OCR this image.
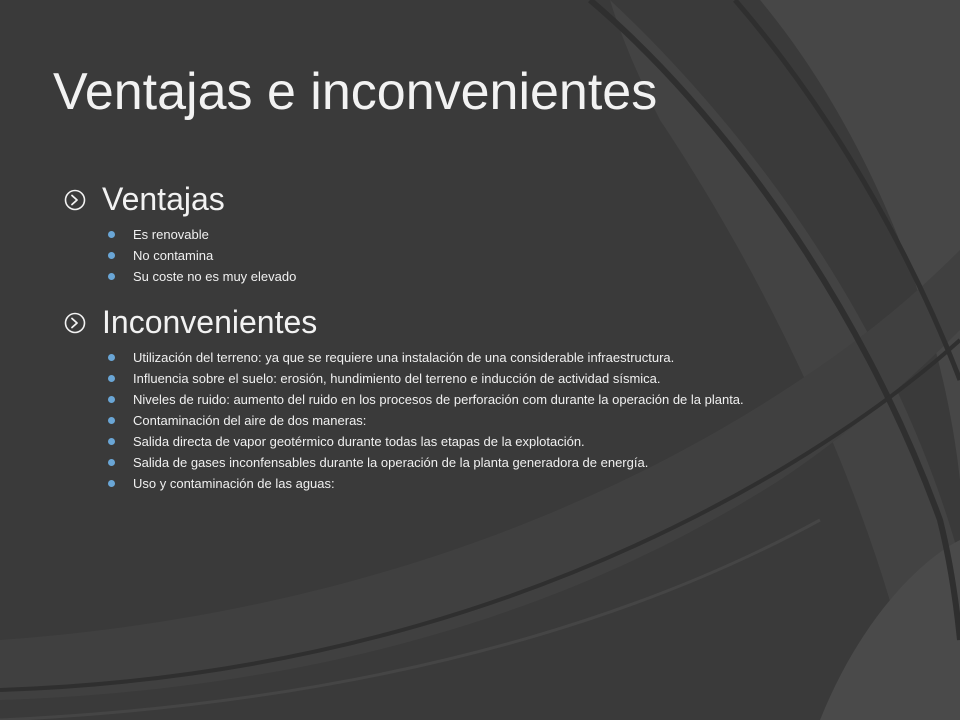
Ventajas e inconvenientes
Ventajas
Es renovable
No contamina
Su coste no es muy elevado
Inconvenientes
Utilización del terreno: ya que se requiere una instalación de una considerable infraestructura.
Influencia sobre el suelo: erosión, hundimiento del terreno e inducción de actividad sísmica.
Niveles de ruido: aumento del ruido en los procesos de perforación com durante la operación de la planta.
Contaminación del aire de dos maneras:
Salida directa de vapor geotérmico durante todas las etapas de la explotación.
Salida de gases inconfensables durante la operación de la planta generadora de energía.
Uso y contaminación de las aguas:
